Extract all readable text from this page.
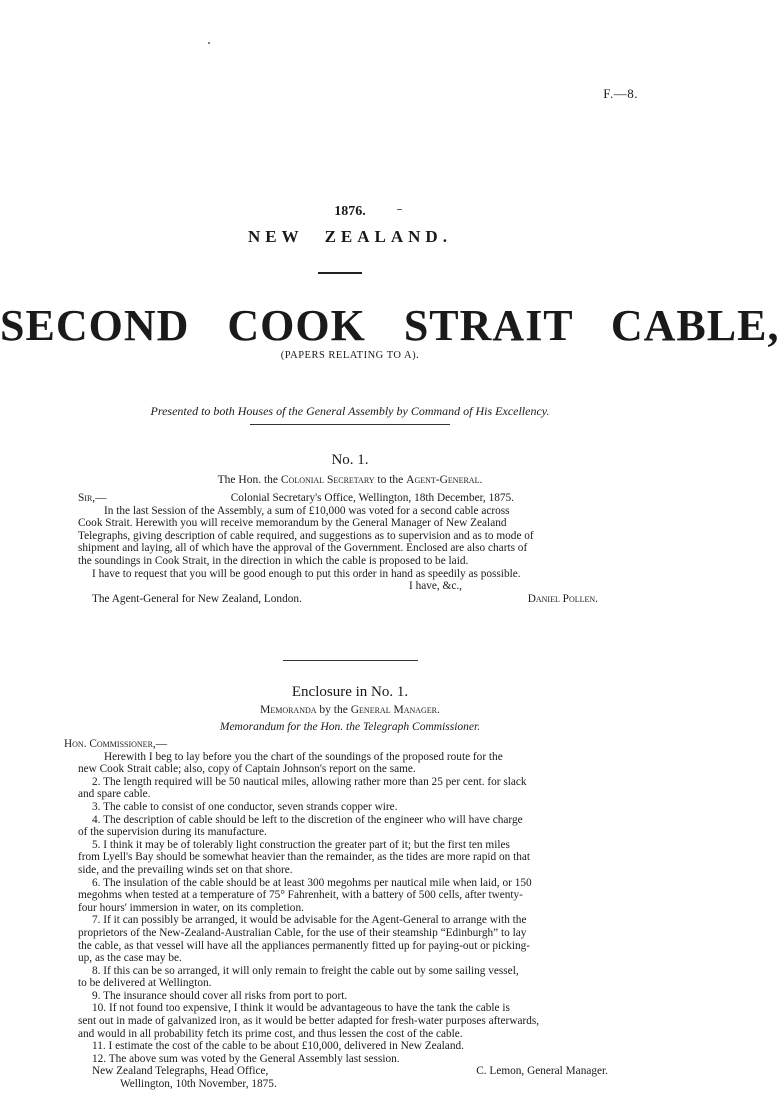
F.—8.
1876.
NEW ZEALAND.
SECOND COOK STRAIT CABLE,
(PAPERS RELATING TO A).
Presented to both Houses of the General Assembly by Command of His Excellency.
No. 1.
The Hon. the Colonial Secretary to the Agent-General.
Sir,—	Colonial Secretary's Office, Wellington, 18th December, 1875.
In the last Session of the Assembly, a sum of £10,000 was voted for a second cable across
Cook Strait. Herewith you will receive memorandum by the General Manager of New Zealand
Telegraphs, giving description of cable required, and suggestions as to supervision and as to mode of
shipment and laying, all of which have the approval of the Government. Enclosed are also charts of
the soundings in Cook Strait, in the direction in which the cable is proposed to be laid.
I have to request that you will be good enough to put this order in hand as speedily as possible.
I have, &c.,
The Agent-General for New Zealand, London.	Daniel Pollen.
Enclosure in No. 1.
Memoranda by the General Manager.
Memorandum for the Hon. the Telegraph Commissioner.
Hon. Commissioner,—
Herewith I beg to lay before you the chart of the soundings of the proposed route for the
new Cook Strait cable; also, copy of Captain Johnson's report on the same.
2. The length required will be 50 nautical miles, allowing rather more than 25 per cent. for slack
and spare cable.
3. The cable to consist of one conductor, seven strands copper wire.
4. The description of cable should be left to the discretion of the engineer who will have charge
of the supervision during its manufacture.
5. I think it may be of tolerably light construction the greater part of it; but the first ten miles
from Lyell's Bay should be somewhat heavier than the remainder, as the tides are more rapid on that
side, and the prevailing winds set on that shore.
6. The insulation of the cable should be at least 300 megohms per nautical mile when laid, or 150
megohms when tested at a temperature of 75° Fahrenheit, with a battery of 500 cells, after twenty-
four hours' immersion in water, on its completion.
7. If it can possibly be arranged, it would be advisable for the Agent-General to arrange with the
proprietors of the New-Zealand-Australian Cable, for the use of their steamship “Edinburgh” to lay
the cable, as that vessel will have all the appliances permanently fitted up for paying-out or picking-
up, as the case may be.
8. If this can be so arranged, it will only remain to freight the cable out by some sailing vessel,
to be delivered at Wellington.
9. The insurance should cover all risks from port to port.
10. If not found too expensive, I think it would be advantageous to have the tank the cable is
sent out in made of galvanized iron, as it would be better adapted for fresh-water purposes afterwards,
and would in all probability fetch its prime cost, and thus lessen the cost of the cable.
11. I estimate the cost of the cable to be about £10,000, delivered in New Zealand.
12. The above sum was voted by the General Assembly last session.
New Zealand Telegraphs, Head Office,	C. Lemon, General Manager.
Wellington, 10th November, 1875.
